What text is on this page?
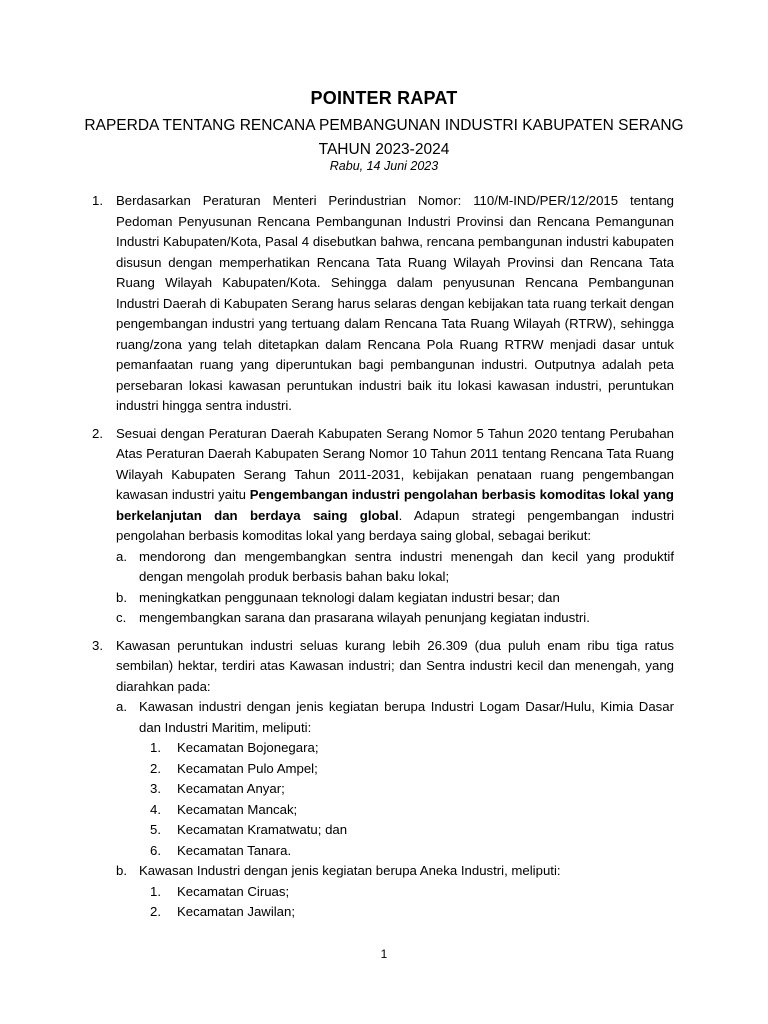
POINTER RAPAT
RAPERDA TENTANG RENCANA PEMBANGUNAN INDUSTRI KABUPATEN SERANG TAHUN 2023-2024
Rabu, 14 Juni 2023
1. Berdasarkan Peraturan Menteri Perindustrian Nomor: 110/M-IND/PER/12/2015 tentang Pedoman Penyusunan Rencana Pembangunan Industri Provinsi dan Rencana Pemangunan Industri Kabupaten/Kota, Pasal 4 disebutkan bahwa, rencana pembangunan industri kabupaten disusun dengan memperhatikan Rencana Tata Ruang Wilayah Provinsi dan Rencana Tata Ruang Wilayah Kabupaten/Kota. Sehingga dalam penyusunan Rencana Pembangunan Industri Daerah di Kabupaten Serang harus selaras dengan kebijakan tata ruang terkait dengan pengembangan industri yang tertuang dalam Rencana Tata Ruang Wilayah (RTRW), sehingga ruang/zona yang telah ditetapkan dalam Rencana Pola Ruang RTRW menjadi dasar untuk pemanfaatan ruang yang diperuntukan bagi pembangunan industri. Outputnya adalah peta persebaran lokasi kawasan peruntukan industri baik itu lokasi kawasan industri, peruntukan industri hingga sentra industri.
2. Sesuai dengan Peraturan Daerah Kabupaten Serang Nomor 5 Tahun 2020 tentang Perubahan Atas Peraturan Daerah Kabupaten Serang Nomor 10 Tahun 2011 tentang Rencana Tata Ruang Wilayah Kabupaten Serang Tahun 2011-2031, kebijakan penataan ruang pengembangan kawasan industri yaitu Pengembangan industri pengolahan berbasis komoditas lokal yang berkelanjutan dan berdaya saing global. Adapun strategi pengembangan industri pengolahan berbasis komoditas lokal yang berdaya saing global, sebagai berikut:
a. mendorong dan mengembangkan sentra industri menengah dan kecil yang produktif dengan mengolah produk berbasis bahan baku lokal;
b. meningkatkan penggunaan teknologi dalam kegiatan industri besar; dan
c. mengembangkan sarana dan prasarana wilayah penunjang kegiatan industri.
3. Kawasan peruntukan industri seluas kurang lebih 26.309 (dua puluh enam ribu tiga ratus sembilan) hektar, terdiri atas Kawasan industri; dan Sentra industri kecil dan menengah, yang diarahkan pada:
a. Kawasan industri dengan jenis kegiatan berupa Industri Logam Dasar/Hulu, Kimia Dasar dan Industri Maritim, meliputi:
1.	Kecamatan Bojonegara;
2.	Kecamatan Pulo Ampel;
3.	Kecamatan Anyar;
4.	Kecamatan Mancak;
5.	Kecamatan Kramatwatu; dan
6.	Kecamatan Tanara.
b. Kawasan Industri dengan jenis kegiatan berupa Aneka Industri, meliputi:
1.	Kecamatan Ciruas;
2.	Kecamatan Jawilan;
1
